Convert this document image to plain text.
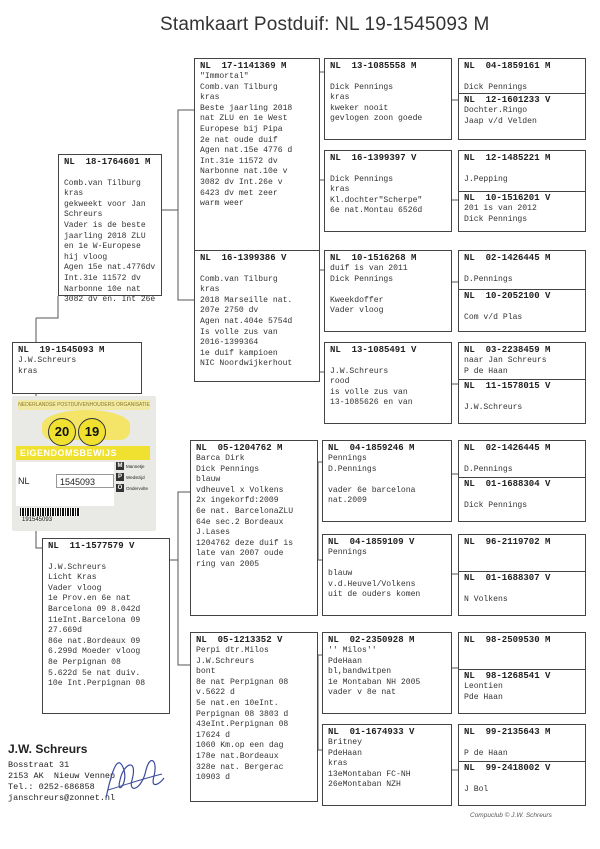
Stamkaart Postduif: NL 19-1545093 M
NL  19-1545093 M
J.W.Schreurs
kras
NEDERLANDSE POSTDUIVENHOUDERS ORGANISATIE
20	19
EIGENDOMSBEWIJS
NL	1545093
M Mannetje
P Wedstrijd
O Ondervolte
191545093
NL  18-1764601 M

Comb.van Tilburg
kras
gekweekt voor Jan
Schreurs
Vader is de beste
jaarling 2018 ZLU
en 1e W-Europese
hij vloog
Agen 15e nat.4776dv
Int.31e 11572 dv
Narbonne 10e nat
3082 dv en. Int 26e
NL  11-1577579 V

J.W.Schreurs
Licht Kras
Vader vloog
1e Prov.en 6e nat
Barcelona 09 8.042d
11eInt.Barcelona 09
27.669d
86e nat.Bordeaux 09
6.299d Moeder vloog
8e Perpignan 08
5.622d 5e nat duiv.
10e Int.Perpignan 08
NL  17-1141369 M
"Immortal"
Comb.van Tilburg
kras
Beste jaarling 2018
nat ZLU en 1e West
Europese bij Pipa
2e nat oude duif
Agen nat.15e 4776 d
Int.31e 11572 dv
Narbonne nat.10e v
3082 dv Int.26e v
6423 dv met zeer
warm weer
NL  16-1399386 V

Comb.van Tilburg
kras
2018 Marseille nat.
207e 2750 dv
Agen nat.404e 5754d
Is volle zus van
2016-1399364
1e duif kampioen
NIC Noordwijkerhout
NL  05-1204762 M
Barca Dirk
Dick Pennings
blauw
vdheuvel x Volkens
2x ingekorfd:2009
6e nat. BarcelonaZLU
64e sec.2 Bordeaux
J.Lases
1204762 deze duif is
late van 2007 oude
ring van 2005
NL  05-1213352 V
Perpi dtr.Milos
J.W.Schreurs
bont
8e nat Perpignan 08
v.5622 d
5e nat.en 10eInt.
Perpignan 08 3803 d
43eInt.Perpignan 08
17624 d
1060 Km.op een dag
178e nat.Bordeaux
328e nat. Bergerac
10903 d
NL  13-1085558 M

Dick Pennings
kras
kweker nooit
gevlogen zoon goede
NL  16-1399397 V

Dick Pennings
kras
Kl.dochter"Scherpe"
6e nat.Montau 6526d
NL  10-1516268 M
duif is van 2011
Dick Pennings

Kweekdoffer
Vader vloog
NL  13-1085491 V

J.W.Schreurs
rood
is volle zus van
13-1085626 en van
NL  04-1859246 M
Pennings
D.Pennings

vader 6e barcelona
nat.2009
NL  04-1859109 V
Pennings

blauw
v.d.Heuvel/Volkens
uit de ouders komen
NL  02-2350928 M
'' Milos''
PdeHaan
bl,bandwitpen
1e Montaban NH 2005
vader v 8e nat
NL  01-1674933 V
Britney
PdeHaan
kras
13eMontaban FC-NH
26eMontaban NZH
NL  04-1859161 M

Dick Pennings
NL  12-1601233 V
Dochter.Ringo
Jaap v/d Velden
NL  12-1485221 M

J.Pepping
NL  10-1516201 V
201 is van 2012
Dick Pennings
NL  02-1426445 M

D.Pennings
NL  10-2052100 V

Com v/d Plas
NL  03-2238459 M
naar Jan Schreurs
P de Haan
NL  11-1578015 V

J.W.Schreurs
NL  02-1426445 M

D.Pennings
NL  01-1688304 V

Dick Pennings
NL  96-2119702 M

NL  01-1688307 V

N Volkens
NL  98-2509530 M

NL  98-1268541 V
Leontien
Pde Haan
NL  99-2135643 M

P de Haan
NL  99-2418002 V

J Bol
J.W. Schreurs
Bosstraat 31
2153 AK  Nieuw Vennep
Tel.: 0252-686858
janschreurs@zonnet.nl
Compuclub © J.W. Schreurs
